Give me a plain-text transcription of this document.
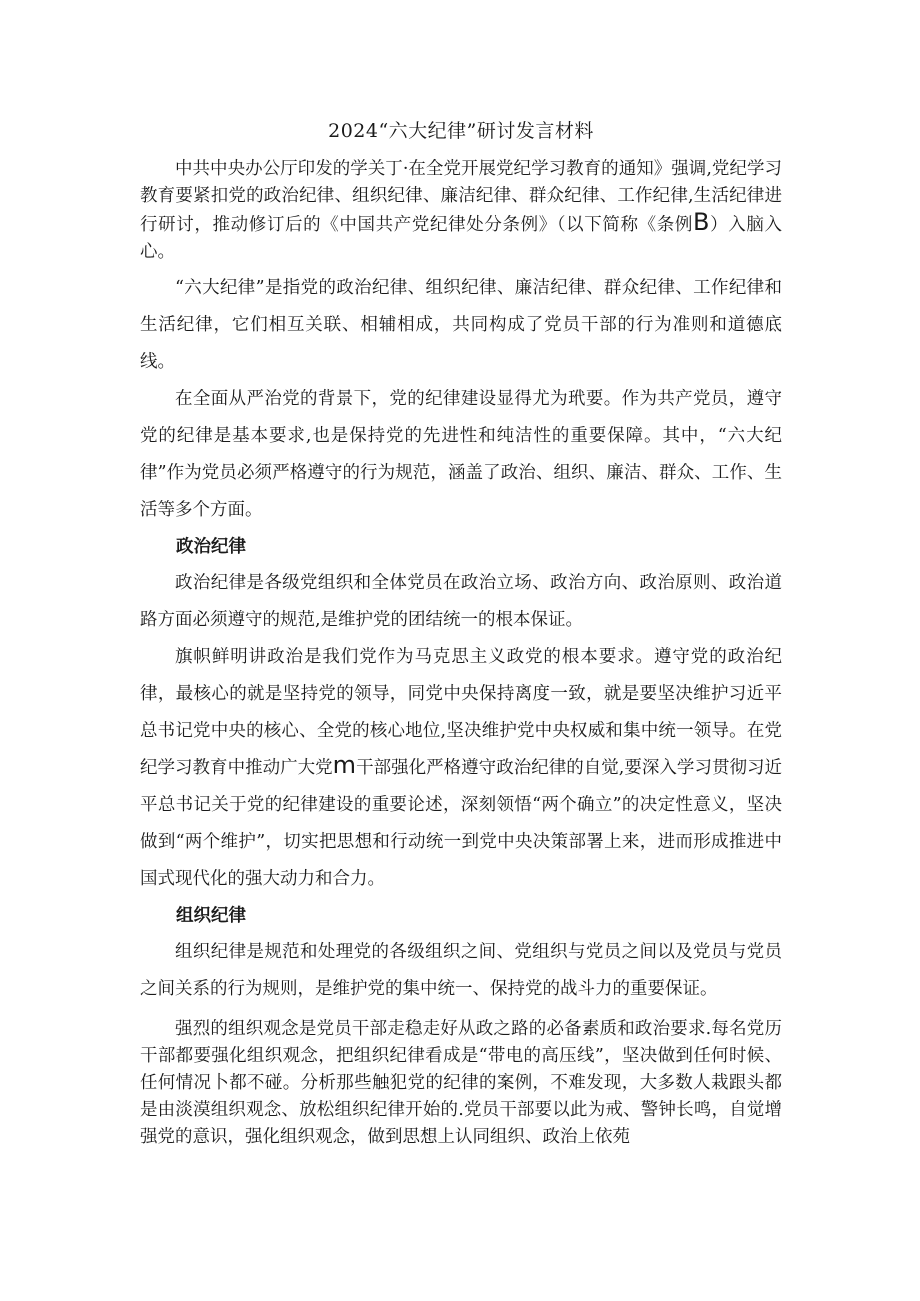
2024“六大纪律”研讨发言材料

中共中央办公厅印发的学关丁·在全党开展党纪学习教育的通知》强调,党纪学习教育要紧扣党的政治纪律、组织纪律、廉洁纪律、群众纪律、工作纪律,生活纪律进行研讨，推动修订后的《中国共产党纪律处分条例》（以下简称《条例B）入脑入心。

“六大纪律”是指党的政治纪律、组织纪律、廉洁纪律、群众纪律、工作纪律和生活纪律，它们相互关联、相辅相成，共同构成了党员干部的行为准则和道德底线。

在全面从严治党的背景下，党的纪律建设显得尤为玳要。作为共产党员，遵守党的纪律是基本要求,也是保持党的先进性和纯洁性的重要保障。其中，“六大纪律”作为党员必须严格遵守的行为规范，涵盖了政治、组织、廉洁、群众、工作、生活等多个方面。

政治纪律

政治纪律是各级党组织和全体党员在政治立场、政治方向、政治原则、政治道路方面必须遵守的规范,是维护党的团结统一的根本保证。

旗帜鲜明讲政治是我们党作为马克思主义政党的根本要求。遵守党的政治纪律，最核心的就是坚持党的领导，同党中央保持离度一致，就是要坚决维护习近平总书记党中央的核心、全党的核心地位,坚决维护党中央权威和集中统一领导。在党纪学习教育中推动广大党m干部强化严格遵守政治纪律的自觉,要深入学习贯彻习近平总书记关于党的纪律建设的重要论述，深刻领悟“两个确立”的决定性意义，坚决做到“两个维护”，切实把思想和行动统一到党中央决策部署上来，进而形成推进中国式现代化的强大动力和合力。

组织纪律

组织纪律是规范和处理党的各级组织之间、党组织与党员之间以及党员与党员之间关系的行为规则，是维护党的集中统一、保持党的战斗力的重要保证。

强烈的组织观念是党员干部走稳走好从政之路的必备素质和政治要求.每名党历干部都要强化组织观念，把组织纪律看成是“带电的高压线”，坚决做到任何时候、任何情况卜都不碰。分析那些触犯党的纪律的案例，不难发现，大多数人栽跟头都是由淡漠组织观念、放松组织纪律开始的.党员干部要以此为戒、警钟长鸣，自觉增强党的意识，强化组织观念，做到思想上认同组织、政治上依苑
